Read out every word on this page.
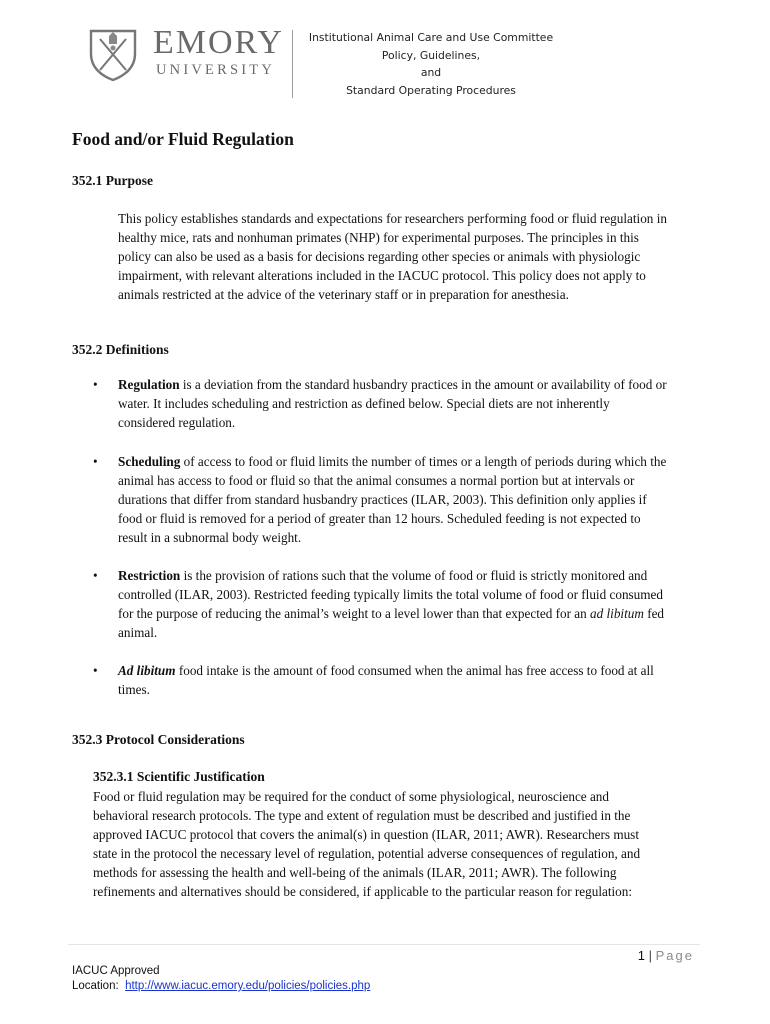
EMORY
UNIVERSITY
Institutional Animal Care and Use Committee
Policy, Guidelines,
and
Standard Operating Procedures
Food and/or Fluid Regulation
352.1 Purpose
This policy establishes standards and expectations for researchers performing food or fluid regulation in
healthy mice, rats and nonhuman primates (NHP) for experimental purposes. The principles in this
policy can also be used as a basis for decisions regarding other species or animals with physiologic
impairment, with relevant alterations included in the IACUC protocol. This policy does not apply to
animals restricted at the advice of the veterinary staff or in preparation for anesthesia.
352.2 Definitions
• Regulation is a deviation from the standard husbandry practices in the amount or availability of food or
water. It includes scheduling and restriction as defined below. Special diets are not inherently
considered regulation.
• Scheduling of access to food or fluid limits the number of times or a length of periods during which the
animal has access to food or fluid so that the animal consumes a normal portion but at intervals or
durations that differ from standard husbandry practices (ILAR, 2003). This definition only applies if
food or fluid is removed for a period of greater than 12 hours. Scheduled feeding is not expected to
result in a subnormal body weight.
• Restriction is the provision of rations such that the volume of food or fluid is strictly monitored and
controlled (ILAR, 2003). Restricted feeding typically limits the total volume of food or fluid consumed
for the purpose of reducing the animal’s weight to a level lower than that expected for an ad libitum fed
animal.
• Ad libitum food intake is the amount of food consumed when the animal has free access to food at all
times.
352.3 Protocol Considerations
352.3.1 Scientific Justification
Food or fluid regulation may be required for the conduct of some physiological, neuroscience and
behavioral research protocols. The type and extent of regulation must be described and justified in the
approved IACUC protocol that covers the animal(s) in question (ILAR, 2011; AWR). Researchers must
state in the protocol the necessary level of regulation, potential adverse consequences of regulation, and
methods for assessing the health and well-being of the animals (ILAR, 2011; AWR). The following
refinements and alternatives should be considered, if applicable to the particular reason for regulation:
1 | Page
IACUC Approved
Location:  http://www.iacuc.emory.edu/policies/policies.php
